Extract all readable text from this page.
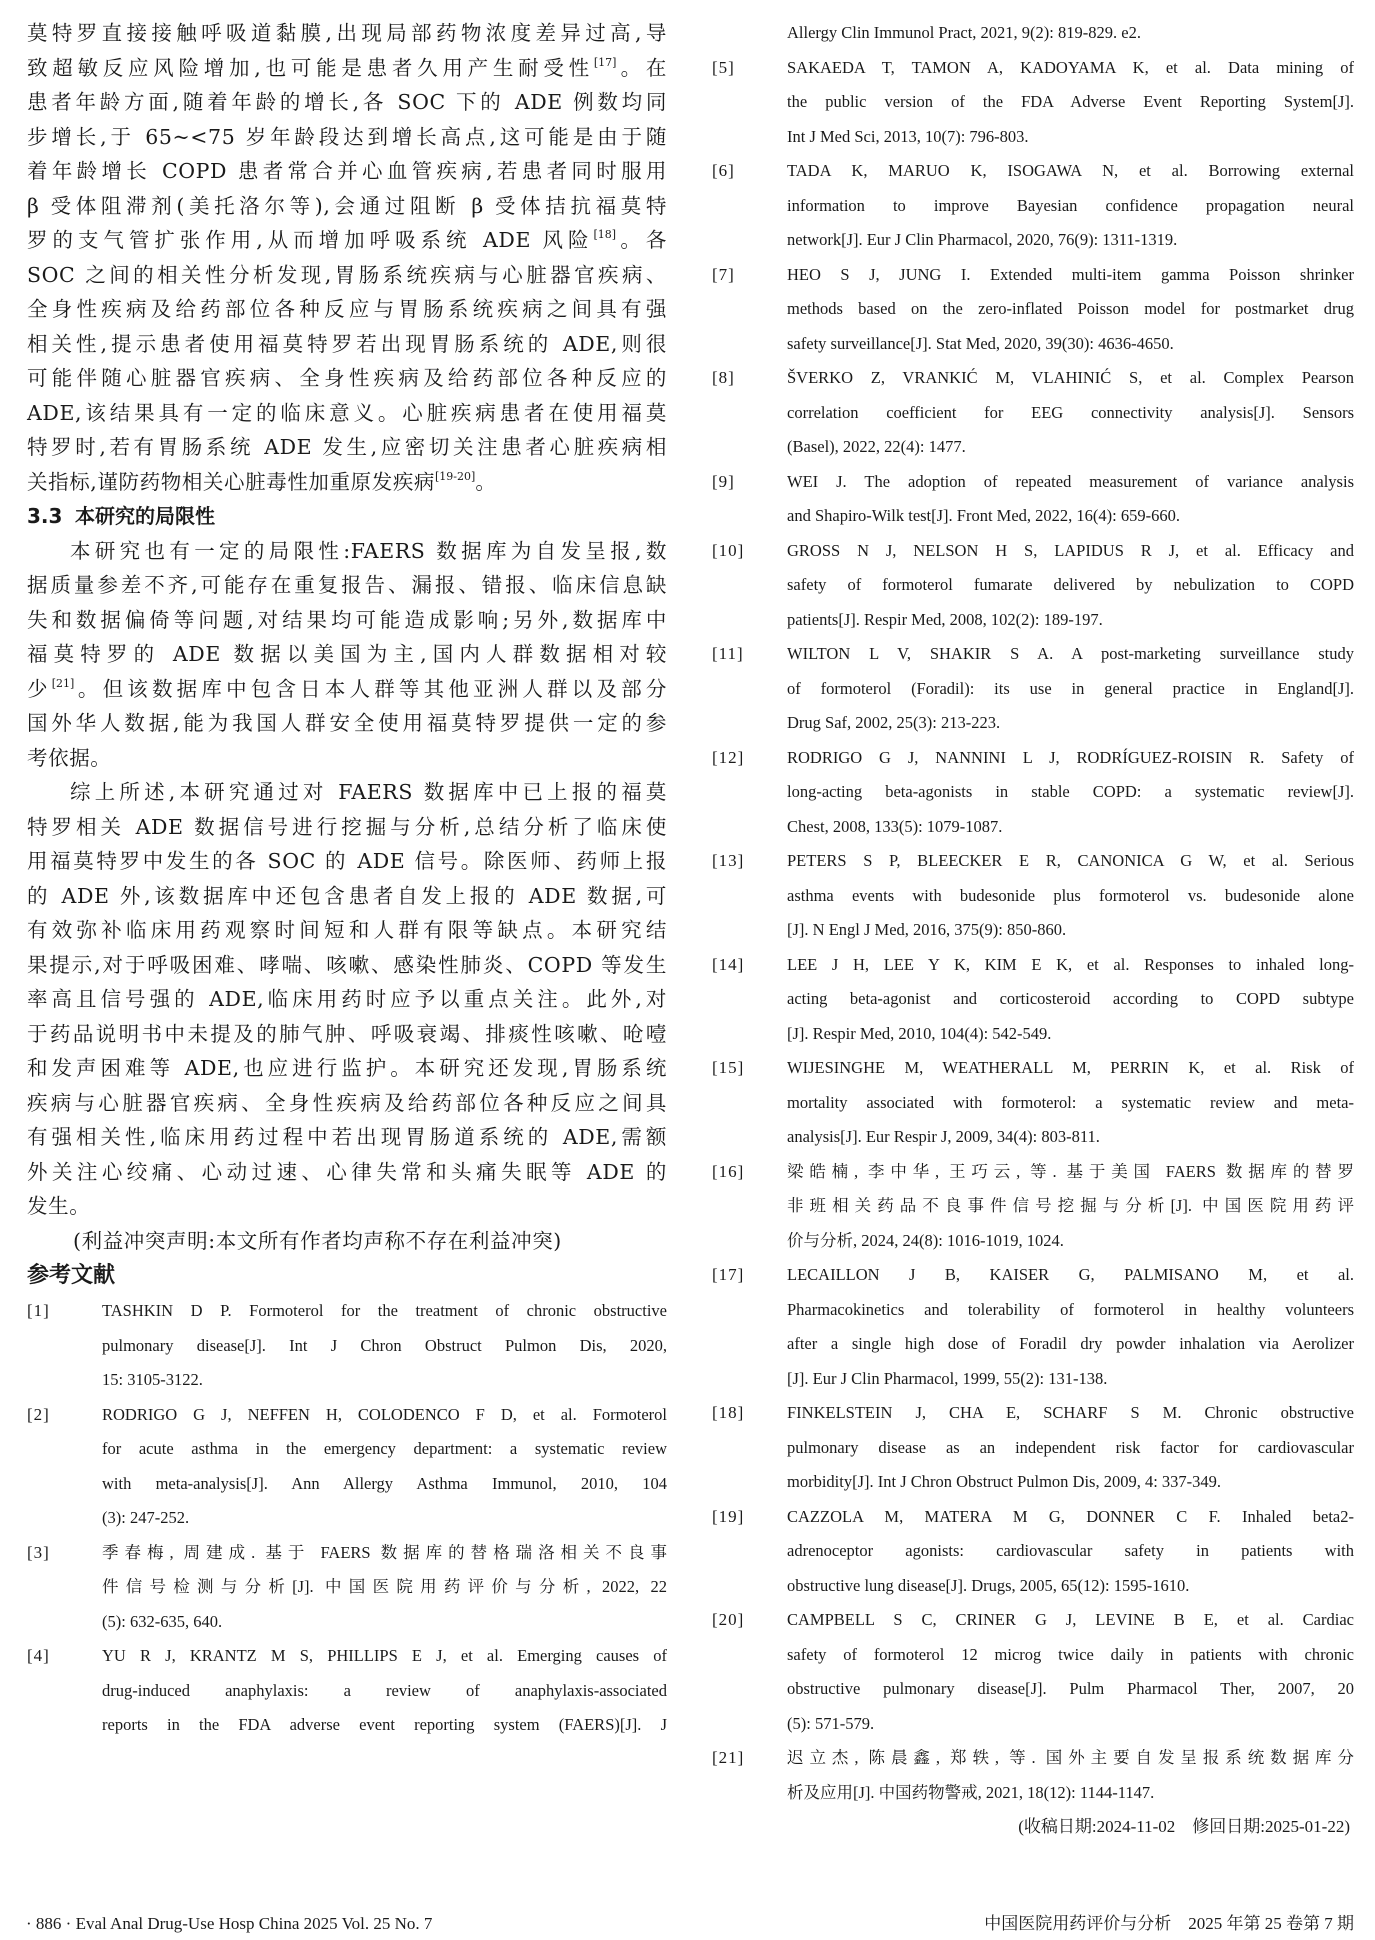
莫特罗直接接触呼吸道黏膜,出现局部药物浓度差异过高,导
致超敏反应风险增加,也可能是患者久用产生耐受性[17]。在
患者年龄方面,随着年龄的增长,各 SOC 下的 ADE 例数均同
步增长,于 65~<75 岁年龄段达到增长高点,这可能是由于随
着年龄增长 COPD 患者常合并心血管疾病,若患者同时服用
β 受体阻滞剂(美托洛尔等),会通过阻断 β 受体拮抗福莫特
罗的支气管扩张作用,从而增加呼吸系统 ADE 风险[18]。各
SOC 之间的相关性分析发现,胃肠系统疾病与心脏器官疾病、
全身性疾病及给药部位各种反应与胃肠系统疾病之间具有强
相关性,提示患者使用福莫特罗若出现胃肠系统的 ADE,则很
可能伴随心脏器官疾病、全身性疾病及给药部位各种反应的
ADE,该结果具有一定的临床意义。心脏疾病患者在使用福莫
特罗时,若有胃肠系统 ADE 发生,应密切关注患者心脏疾病相
关指标,谨防药物相关心脏毒性加重原发疾病[19-20]。
3.3 本研究的局限性
本研究也有一定的局限性:FAERS 数据库为自发呈报,数
据质量参差不齐,可能存在重复报告、漏报、错报、临床信息缺
失和数据偏倚等问题,对结果均可能造成影响;另外,数据库中
福莫特罗的 ADE 数据以美国为主,国内人群数据相对较
少[21]。但该数据库中包含日本人群等其他亚洲人群以及部分
国外华人数据,能为我国人群安全使用福莫特罗提供一定的参
考依据。
综上所述,本研究通过对 FAERS 数据库中已上报的福莫
特罗相关 ADE 数据信号进行挖掘与分析,总结分析了临床使
用福莫特罗中发生的各 SOC 的 ADE 信号。除医师、药师上报
的 ADE 外,该数据库中还包含患者自发上报的 ADE 数据,可
有效弥补临床用药观察时间短和人群有限等缺点。本研究结
果提示,对于呼吸困难、哮喘、咳嗽、感染性肺炎、COPD 等发生
率高且信号强的 ADE,临床用药时应予以重点关注。此外,对
于药品说明书中未提及的肺气肿、呼吸衰竭、排痰性咳嗽、呛噎
和发声困难等 ADE,也应进行监护。本研究还发现,胃肠系统
疾病与心脏器官疾病、全身性疾病及给药部位各种反应之间具
有强相关性,临床用药过程中若出现胃肠道系统的 ADE,需额
外关注心绞痛、心动过速、心律失常和头痛失眠等 ADE 的
发生。
(利益冲突声明:本文所有作者均声称不存在利益冲突)
参考文献
[1]	TASHKIN D P. Formoterol for the treatment of chronic obstructive
pulmonary disease[J]. Int J Chron Obstruct Pulmon Dis, 2020,
15: 3105-3122.
[2]	RODRIGO G J, NEFFEN H, COLODENCO F D, et al. Formoterol
for acute asthma in the emergency department: a systematic review
with meta-analysis[J]. Ann Allergy Asthma Immunol, 2010, 104
(3): 247-252.
[3]	季春梅, 周建成. 基于 FAERS 数据库的替格瑞洛相关不良事
件信号检测与分析[J]. 中国医院用药评价与分析, 2022, 22
(5): 632-635, 640.
[4]	YU R J, KRANTZ M S, PHILLIPS E J, et al. Emerging causes of
drug-induced anaphylaxis: a review of anaphylaxis-associated
reports in the FDA adverse event reporting system (FAERS)[J]. J
Allergy Clin Immunol Pract, 2021, 9(2): 819-829. e2.
[5]	SAKAEDA T, TAMON A, KADOYAMA K, et al. Data mining of
the public version of the FDA Adverse Event Reporting System[J].
Int J Med Sci, 2013, 10(7): 796-803.
[6]	TADA K, MARUO K, ISOGAWA N, et al. Borrowing external
information to improve Bayesian confidence propagation neural
network[J]. Eur J Clin Pharmacol, 2020, 76(9): 1311-1319.
[7]	HEO S J, JUNG I. Extended multi-item gamma Poisson shrinker
methods based on the zero-inflated Poisson model for postmarket drug
safety surveillance[J]. Stat Med, 2020, 39(30): 4636-4650.
[8]	ŠVERKO Z, VRANKIĆ M, VLAHINIĆ S, et al. Complex Pearson
correlation coefficient for EEG connectivity analysis[J]. Sensors
(Basel), 2022, 22(4): 1477.
[9]	WEI J. The adoption of repeated measurement of variance analysis
and Shapiro-Wilk test[J]. Front Med, 2022, 16(4): 659-660.
[10]	GROSS N J, NELSON H S, LAPIDUS R J, et al. Efficacy and
safety of formoterol fumarate delivered by nebulization to COPD
patients[J]. Respir Med, 2008, 102(2): 189-197.
[11]	WILTON L V, SHAKIR S A. A post-marketing surveillance study
of formoterol (Foradil): its use in general practice in England[J].
Drug Saf, 2002, 25(3): 213-223.
[12]	RODRIGO G J, NANNINI L J, RODRÍGUEZ-ROISIN R. Safety of
long-acting beta-agonists in stable COPD: a systematic review[J].
Chest, 2008, 133(5): 1079-1087.
[13]	PETERS S P, BLEECKER E R, CANONICA G W, et al. Serious
asthma events with budesonide plus formoterol vs. budesonide alone
[J]. N Engl J Med, 2016, 375(9): 850-860.
[14]	LEE J H, LEE Y K, KIM E K, et al. Responses to inhaled long-
acting beta-agonist and corticosteroid according to COPD subtype
[J]. Respir Med, 2010, 104(4): 542-549.
[15]	WIJESINGHE M, WEATHERALL M, PERRIN K, et al. Risk of
mortality associated with formoterol: a systematic review and meta-
analysis[J]. Eur Respir J, 2009, 34(4): 803-811.
[16]	梁皓楠, 李中华, 王巧云, 等. 基于美国 FAERS 数据库的替罗
非班相关药品不良事件信号挖掘与分析[J]. 中国医院用药评
价与分析, 2024, 24(8): 1016-1019, 1024.
[17]	LECAILLON J B, KAISER G, PALMISANO M, et al.
Pharmacokinetics and tolerability of formoterol in healthy volunteers
after a single high dose of Foradil dry powder inhalation via Aerolizer
[J]. Eur J Clin Pharmacol, 1999, 55(2): 131-138.
[18]	FINKELSTEIN J, CHA E, SCHARF S M. Chronic obstructive
pulmonary disease as an independent risk factor for cardiovascular
morbidity[J]. Int J Chron Obstruct Pulmon Dis, 2009, 4: 337-349.
[19]	CAZZOLA M, MATERA M G, DONNER C F. Inhaled beta2-
adrenoceptor agonists: cardiovascular safety in patients with
obstructive lung disease[J]. Drugs, 2005, 65(12): 1595-1610.
[20]	CAMPBELL S C, CRINER G J, LEVINE B E, et al. Cardiac
safety of formoterol 12 microg twice daily in patients with chronic
obstructive pulmonary disease[J]. Pulm Pharmacol Ther, 2007, 20
(5): 571-579.
[21]	迟立杰, 陈晨鑫, 郑轶, 等. 国外主要自发呈报系统数据库分
析及应用[J]. 中国药物警戒, 2021, 18(12): 1144-1147.
(收稿日期:2024-11-02　修回日期:2025-01-22)
· 886 · Eval Anal Drug-Use Hosp China 2025 Vol. 25 No. 7	中国医院用药评价与分析　2025 年第 25 卷第 7 期
